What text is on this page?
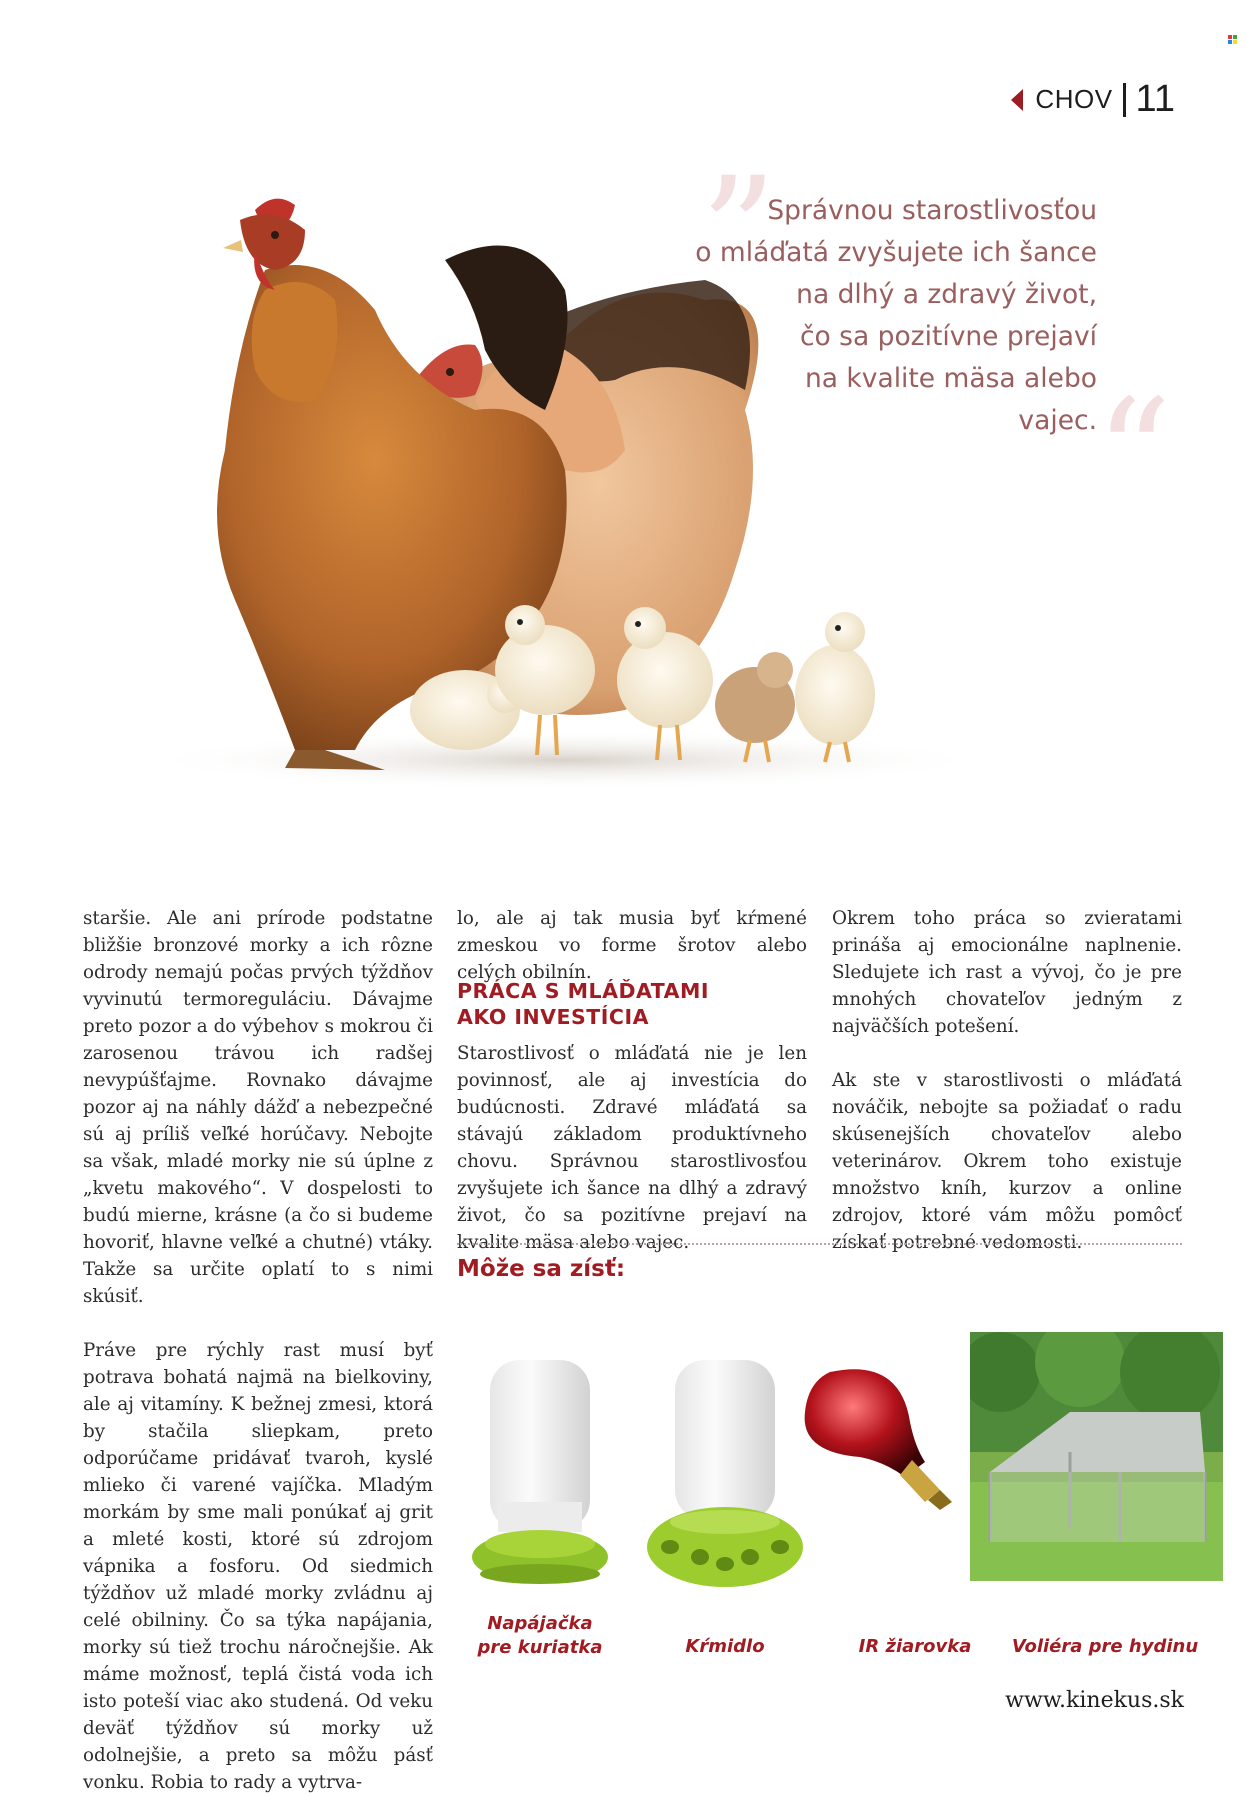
CHOV 11
”
“

Správnou starostlivosťou
o mláďatá zvyšujete ich šance
na dlhý a zdravý život,
čo sa pozitívne prejaví
na kvalite mäsa alebo
vajec.

staršie. Ale ani prírode podstatne bližšie bronzové morky a ich rôzne odrody nemajú počas prvých týždňov vyvinutú termoreguláciu. Dávajme preto pozor a do výbehov s mokrou či zarosenou trávou ich radšej nevypúšťajme. Rovnako dávajme pozor aj na náhly dážď a nebezpečné sú aj príliš veľké horúčavy. Nebojte sa však, mladé morky nie sú úplne z „kvetu makového“. V dospelosti to budú mierne, krásne (a čo si budeme hovoriť, hlavne veľké a chutné) vtáky. Takže sa určite oplatí to s nimi skúsiť.

Práve pre rýchly rast musí byť potrava bohatá najmä na bielkoviny, ale aj vitamíny. K bežnej zmesi, ktorá by stačila sliepkam, preto odporúčame pridávať tvaroh, kyslé mlieko či varené vajíčka. Mladým morkám by sme mali ponúkať aj grit a mleté kosti, ktoré sú zdrojom vápnika a fosforu. Od siedmich týždňov už mladé morky zvládnu aj celé obilniny. Čo sa týka napájania, morky sú tiež trochu náročnejšie. Ak máme možnosť, teplá čistá voda ich isto poteší viac ako studená. Od veku deväť týždňov sú morky už odolnejšie, a preto sa môžu pásť vonku. Robia to rady a vytrva-

lo, ale aj tak musia byť kŕmené zmeskou vo forme šrotov alebo celých obilnín.

PRÁCA S MLÁĎATAMI
AKO INVESTÍCIA

Starostlivosť o mláďatá nie je len povinnosť, ale aj investícia do budúcnosti. Zdravé mláďatá sa stávajú základom produktívneho chovu. Správnou starostlivosťou zvyšujete ich šance na dlhý a zdravý život, čo sa pozitívne prejaví na kvalite mäsa alebo vajec.

Okrem toho práca so zvieratami prináša aj emocionálne naplnenie. Sledujete ich rast a vývoj, čo je pre mnohých chovateľov jedným z najväčších potešení.

Ak ste v starostlivosti o mláďatá nováčik, nebojte sa požiadať o radu skúsenejších chovateľov alebo veterinárov. Okrem toho existuje množstvo kníh, kurzov a online zdrojov, ktoré vám môžu pomôcť získať potrebné vedomosti.

Môže sa zísť:
Napájačka
pre kuriatka	Kŕmidlo	IR žiarovka	Voliéra pre hydinu

www.kinekus.sk
